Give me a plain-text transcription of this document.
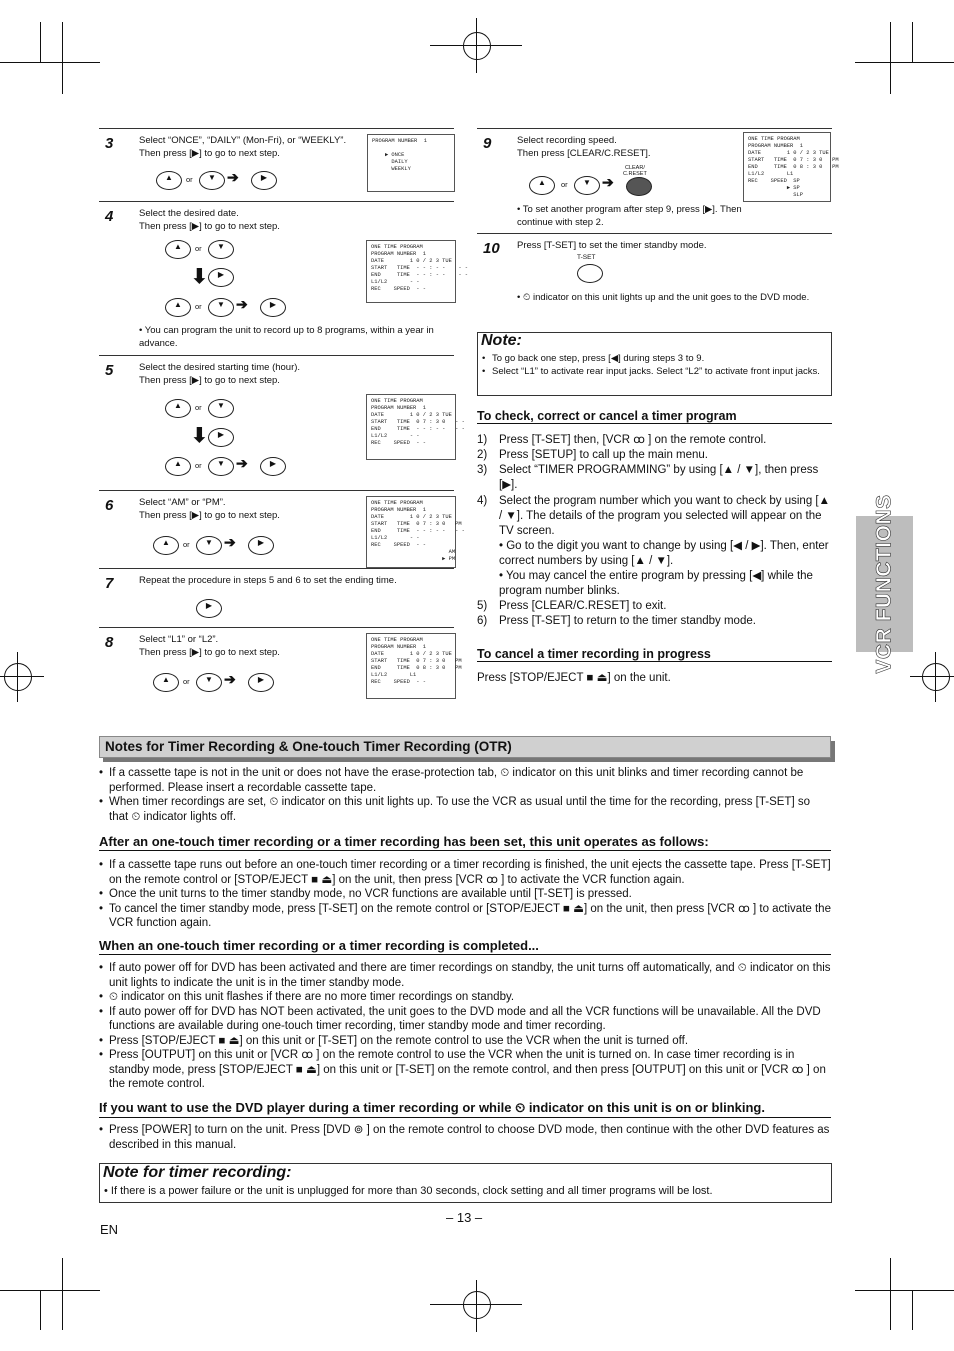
VCR FUNCTIONS
3	Select “ONCE”, “DAILY” (Mon-Fri), or “WEEKLY”.
Then press [▶] to go to next step.
▲	or	▼ ➔	▶
PROGRAM NUMBER  1

▶ ONCE
DAILY
WEEKLY
4	Select the desired date.
Then press [▶] to go to next step.
▲	or	▼
⬇	▶
▲	or	▼ ➔	▶
ONE TIME PROGRAM
PROGRAM NUMBER  1
DATE        1 0 / 2 3 TUE
START   TIME  - - : - -    - -
END     TIME  - - : - -    - -
L1/L2       - -
REC    SPEED  - -
• You can program the unit to record up to 8 programs, within a year in advance.
5	Select the desired starting time (hour).
Then press [▶] to go to next step.
▲	or	▼
⬇	▶
▲	or	▼ ➔	▶
ONE TIME PROGRAM
PROGRAM NUMBER  1
DATE        1 0 / 2 3 TUE
START   TIME  0 7 : 3 0   - -
END     TIME  - - : - -   - -
L1/L2       - -
REC    SPEED  - -
6	Select “AM” or “PM”.
Then press [▶] to go to next step.
▲	or	▼ ➔	▶
ONE TIME PROGRAM
PROGRAM NUMBER  1
DATE        1 0 / 2 3 TUE
START   TIME  0 7 : 3 0   PM
END     TIME  - - : - -   - -
L1/L2       - -
REC    SPEED  - -
AM
▶ PM
7	Repeat the procedure in steps 5 and 6 to set the ending time.
▶
8	Select “L1” or “L2”.
Then press [▶] to go to next step.
▲	or	▼ ➔	▶
ONE TIME PROGRAM
PROGRAM NUMBER  1
DATE        1 0 / 2 3 TUE
START   TIME  0 7 : 3 0   PM
END     TIME  0 8 : 3 0   PM
L1/L2       L1
REC    SPEED  - -
9	Select recording speed.
Then press [CLEAR/C.RESET].
▲	or	▼ ➔
CLEAR/
C.RESET
ONE TIME PROGRAM
PROGRAM NUMBER  1
DATE        1 0 / 2 3 TUE
START   TIME  0 7 : 3 0   PM
END     TIME  0 8 : 3 0   PM
L1/L2       L1
REC    SPEED  SP
▶ SP
SLP
• To set another program after step 9, press [▶]. Then continue with step 2.
10 Press [T-SET] to set the timer standby mode.
T-SET
• ⏲ indicator on this unit lights up and the unit goes to the DVD mode.
Note:
• To go back one step, press [◀] during steps 3 to 9.
• Select “L1” to activate rear input jacks. Select “L2” to activate front input jacks.
To check, correct or cancel a timer program
1) Press [T-SET] then, [VCR ꝏ ] on the remote control.
2) Press [SETUP] to call up the main menu.
3) Select “TIMER PROGRAMMING” by using [▲ / ▼], then press [▶].
4) Select the program number which you want to check by using [▲ / ▼]. The details of the program you selected will appear on the TV screen.
• Go to the digit you want to change by using [◀ / ▶]. Then, enter correct numbers by using [▲ / ▼].
• You may cancel the entire program by pressing [◀] while the program number blinks.
5) Press [CLEAR/C.RESET] to exit.
6) Press [T-SET] to return to the timer standby mode.
To cancel a timer recording in progress
Press [STOP/EJECT ■ ⏏] on the unit.
Notes for Timer Recording & One-touch Timer Recording (OTR)
• If a cassette tape is not in the unit or does not have the erase-protection tab, ⏲ indicator on this unit blinks and timer recording cannot be performed. Please insert a recordable cassette tape.
• When timer recordings are set, ⏲ indicator on this unit lights up. To use the VCR as usual until the time for the recording, press [T-SET] so that ⏲ indicator lights off.
After an one-touch timer recording or a timer recording has been set, this unit operates as follows:
• If a cassette tape runs out before an one-touch timer recording or a timer recording is finished, the unit ejects the cassette tape. Press [T-SET] on the remote control or [STOP/EJECT ■ ⏏] on the unit, then press [VCR ꝏ ] to activate the VCR function again.
• Once the unit turns to the timer standby mode, no VCR functions are available until [T-SET] is pressed.
• To cancel the timer standby mode, press [T-SET] on the remote control or [STOP/EJECT ■ ⏏] on the unit, then press [VCR ꝏ ] to activate the VCR function again.
When an one-touch timer recording or a timer recording is completed...
• If auto power off for DVD has been activated and there are timer recordings on standby, the unit turns off automatically, and ⏲ indicator on this unit lights to indicate the unit is in the timer standby mode.
• ⏲ indicator on this unit flashes if there are no more timer recordings on standby.
• If auto power off for DVD has NOT been activated, the unit goes to the DVD mode and all the VCR functions will be unavailable. All the DVD functions are available during one-touch timer recording, timer standby mode and timer recording.
• Press [STOP/EJECT ■ ⏏] on this unit or [T-SET] on the remote control to use the VCR when the unit is turned off.
• Press [OUTPUT] on this unit or [VCR ꝏ ] on the remote control to use the VCR when the unit is turned on. In case timer recording is in standby mode, press [STOP/EJECT ■ ⏏] on this unit or [T-SET] on the remote control, and then press [OUTPUT] on this unit or [VCR ꝏ ] on the remote control.
If you want to use the DVD player during a timer recording or while ⏲ indicator on this unit is on or blinking.
• Press [POWER] to turn on the unit. Press [DVD ⊚ ] on the remote control to choose DVD mode, then continue with the other DVD features as described in this manual.
Note for timer recording:
• If there is a power failure or the unit is unplugged for more than 30 seconds, clock setting and all timer programs will be lost.
– 13 –
EN
